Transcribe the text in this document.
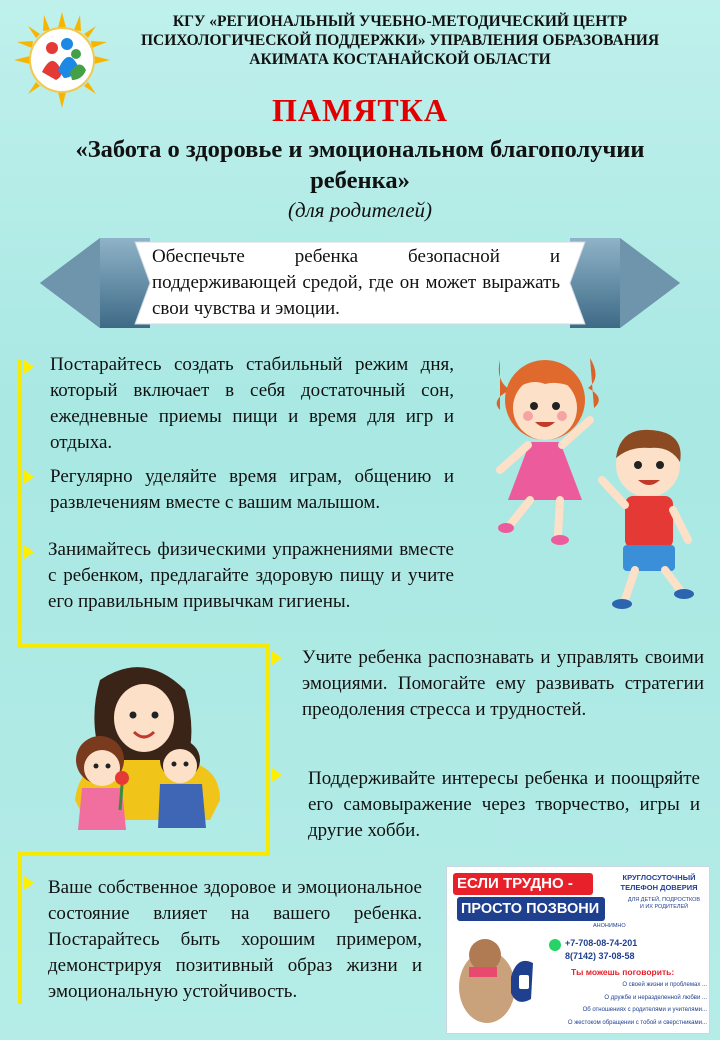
КГУ «РЕГИОНАЛЬНЫЙ УЧЕБНО-МЕТОДИЧЕСКИЙ ЦЕНТР
ПСИХОЛОГИЧЕСКОЙ ПОДДЕРЖКИ» УПРАВЛЕНИЯ ОБРАЗОВАНИЯ
АКИМАТА КОСТАНАЙСКОЙ ОБЛАСТИ
ПАМЯТКА
«Забота о здоровье и эмоциональном благополучии
ребенка»
(для родителей)
Обеспечьте ребенка безопасной и поддерживающей средой, где он может выражать свои чувства и эмоции.
Постарайтесь создать стабильный режим дня, который включает в себя достаточный сон, ежедневные приемы пищи и время для игр и отдыха.
Регулярно уделяйте время играм, общению и развлечениям вместе с вашим малышом.
Занимайтесь физическими упражнениями вместе с ребенком, предлагайте здоровую пищу и учите его правильным привычкам гигиены.
Учите ребенка распознавать и управлять своими эмоциями. Помогайте ему развивать стратегии преодоления стресса и трудностей.
Поддерживайте интересы ребенка и поощряйте его самовыражение через творчество, игры и другие хобби.
Ваше собственное здоровое и эмоциональное состояние влияет на вашего ребенка. Постарайтесь быть хорошим примером, демонстрируя позитивный образ жизни и эмоциональную устойчивость.
ЕСЛИ ТРУДНО -
ПРОСТО ПОЗВОНИ
КРУГЛОСУТОЧНЫЙ
ТЕЛЕФОН ДОВЕРИЯ
ДЛЯ ДЕТЕЙ, ПОДРОСТКОВ
И ИХ РОДИТЕЛЕЙ
АНОНИМНО
+7-708-08-74-201
8(7142) 37-08-58
Ты можешь поговорить:
О своей жизни и проблемах ...
О дружбе и неразделенной любви ...
Об отношениях с родителями и учителями...
О жестоком обращении с тобой и сверстниками...
